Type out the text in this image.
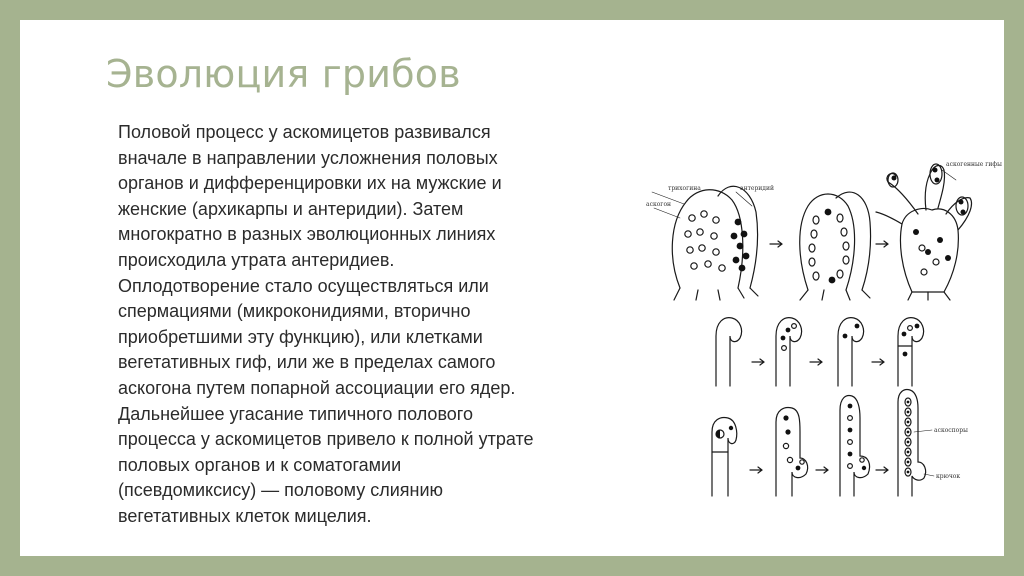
Эволюция грибов

Половой процесс у аскомицетов развивался
вначале в направлении усложнения половых
органов и дифференцировки их на мужские и
женские (архикарпы и антеридии). Затем
многократно в разных эволюционных линиях
происходила утрата антеридиев.
Оплодотворение стало осуществляться или
спермациями (микроконидиями, вторично
приобретшими эту функцию), или клетками
вегетативных гиф, или же в пределах самого
аскогона путем попарной ассоциации его ядер.
Дальнейшее угасание типичного полового
процесса у аскомицетов привело к полной утрате
половых органов и к соматогамии
(псевдомиксису) — половому слиянию
вегетативных клеток мицелия.

трихогина	антеридий
аскогон
аскогенные гифы
аскоспоры
крючок
